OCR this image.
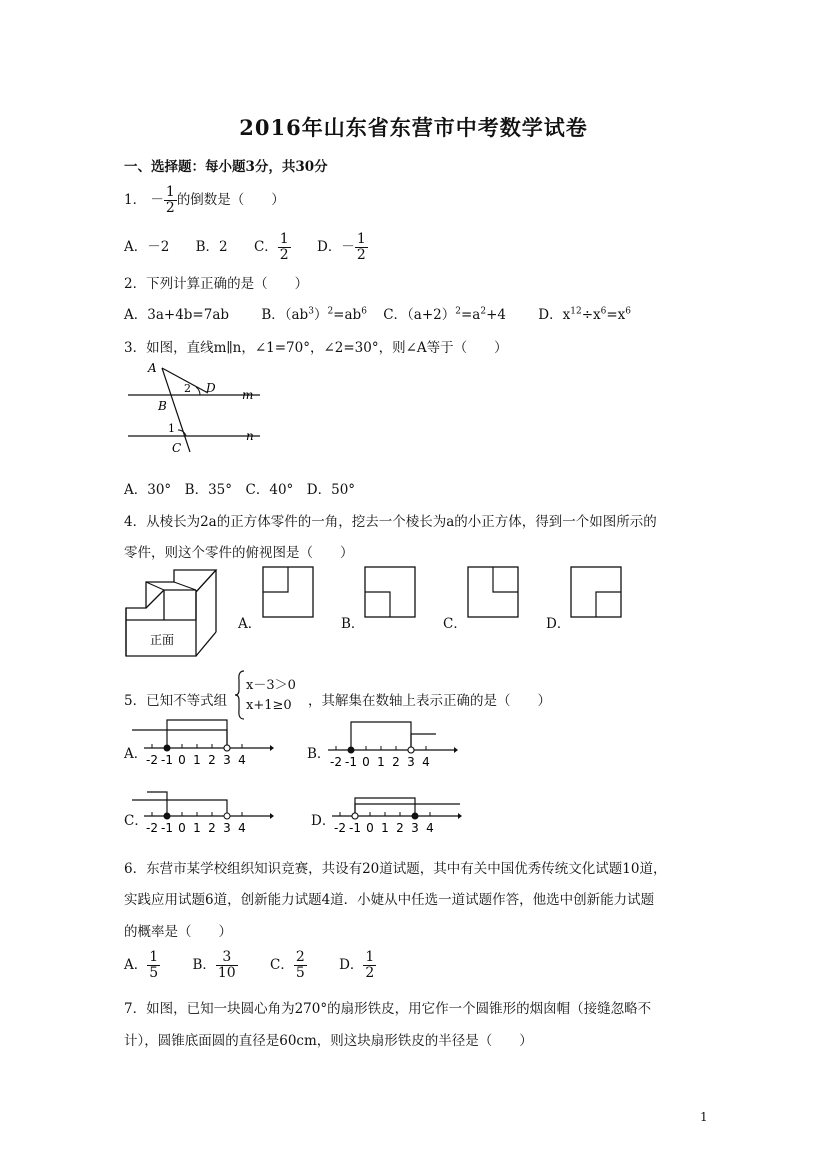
2016年山东省东营市中考数学试卷
一、选择题：每小题3分，共30分
1． － $\frac{1}{2}$ 的倒数是（　　）
A．－2 B．2 C． $\frac{1}{2}$ D．－ $\frac{1}{2}$
2．下列计算正确的是（　　）
A．3a+4b=7ab B．$(ab^3)^2=ab^6$ C．$(a+2)^2=a^2+4$ D．$x^{12}\div x^6=x^6$
3．如图，直线m∥n，∠1=70°，∠2=30°，则∠A等于（　　）
A
D
2	m
B
1
n
C
A．30°　B．35°　C．40°　D．50°
4．从棱长为2a的正方体零件的一角，挖去一个棱长为a的小正方体，得到一个如图所示的
零件，则这个零件的俯视图是（　　）
正面
A．	B．	C．	D．
5．已知不等式组
x－3＞0
x+1≥0 ，其解集在数轴上表示正确的是（　　）
A．
-2 -1 0 1 2 3 4	B． -2 -1 0 1 2 3 4
C．
-2 -1 0 1 2 3 4	D．
-2 -1 0 1 2 3 4
6．东营市某学校组织知识竞赛，共设有20道试题，其中有关中国优秀传统文化试题10道，
实践应用试题6道，创新能力试题4道．小婕从中任选一道试题作答，他选中创新能力试题
的概率是（　　）
A． $\frac{1}{5}$ B． $\frac{3}{10}$ C． $\frac{2}{5}$ D． $\frac{1}{2}$
7．如图，已知一块圆心角为270°的扇形铁皮，用它作一个圆锥形的烟囱帽（接缝忽略不
计），圆锥底面圆的直径是60cm，则这块扇形铁皮的半径是（　　）
1
